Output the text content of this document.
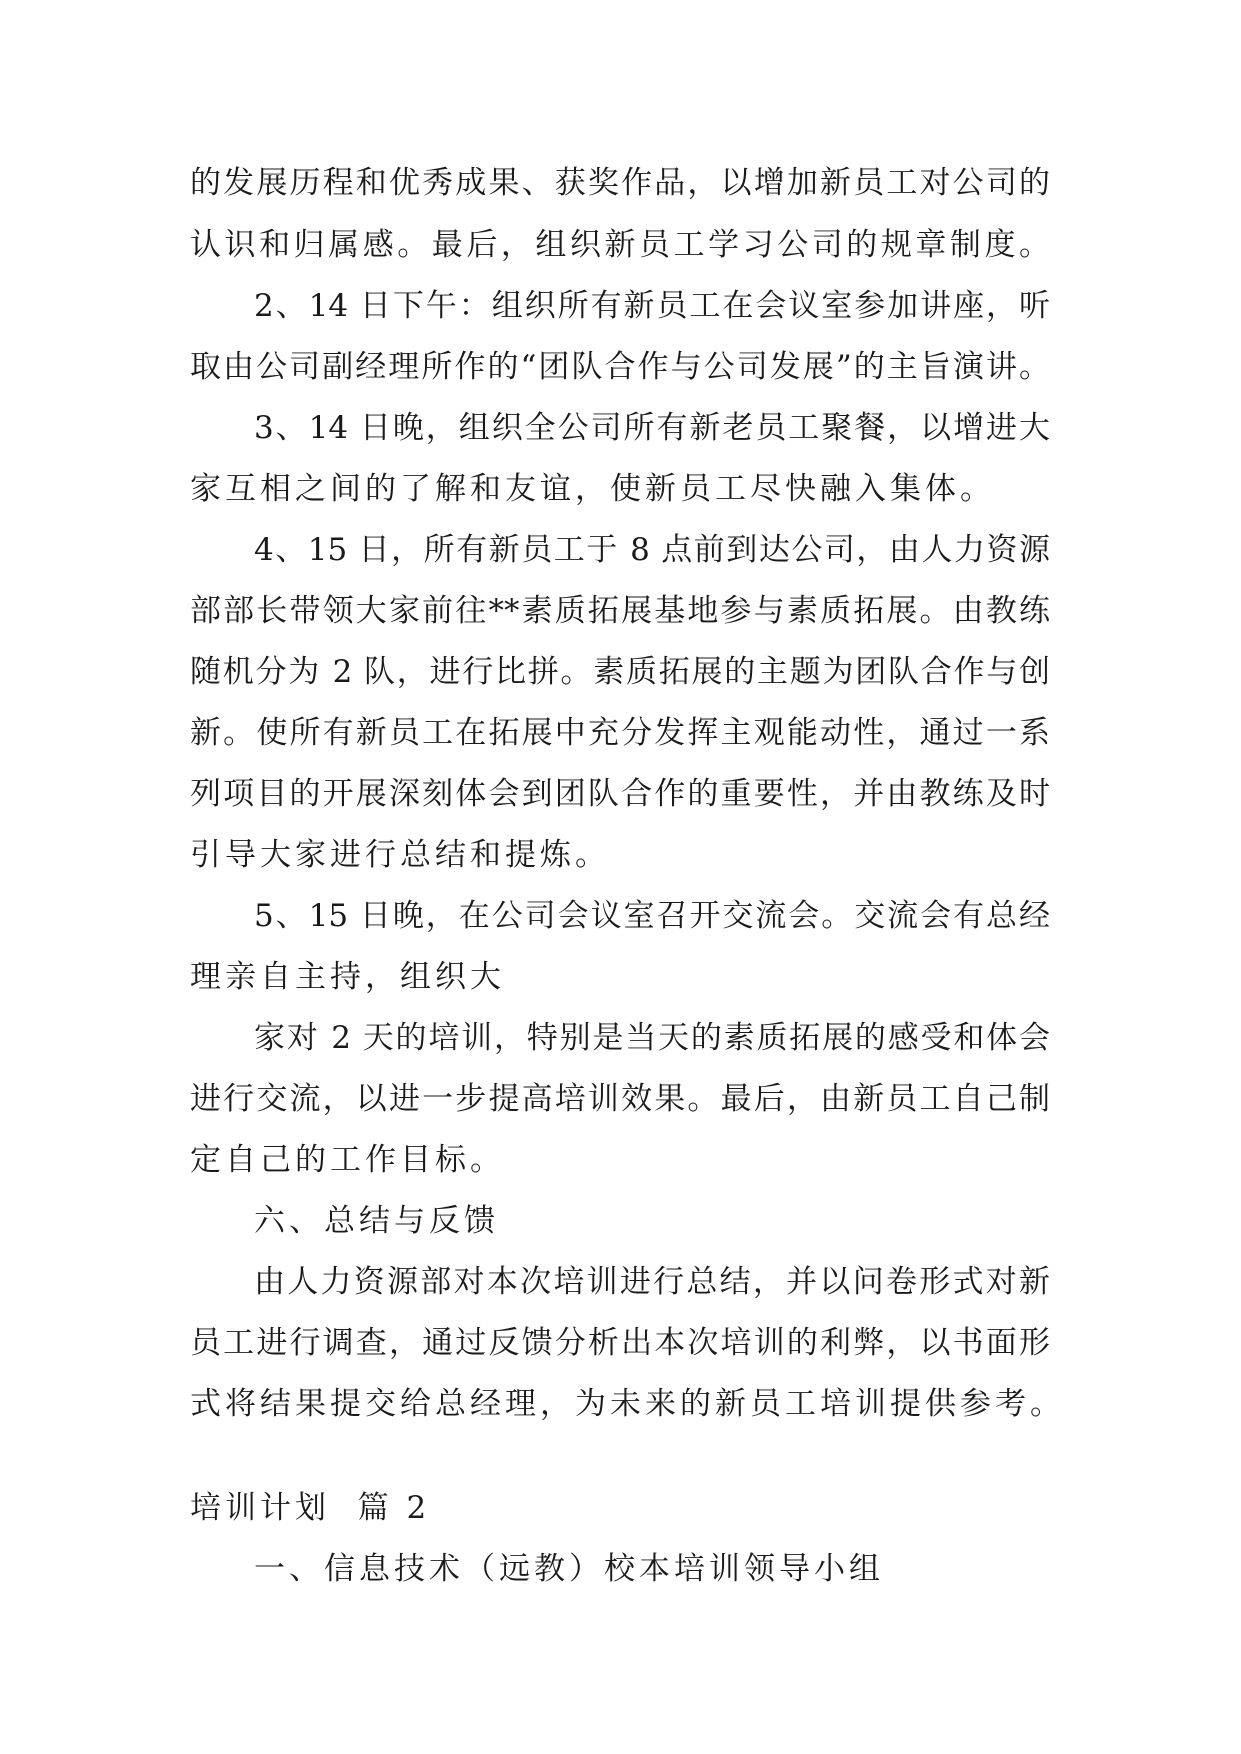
的发展历程和优秀成果、获奖作品，以增加新员工对公司的

认识和归属感。最后，组织新员工学习公司的规章制度。

2、14 日下午：组织所有新员工在会议室参加讲座，听

取由公司副经理所作的“团队合作与公司发展”的主旨演讲。

3、14 日晚，组织全公司所有新老员工聚餐，以增进大

家互相之间的了解和友谊，使新员工尽快融入集体。

4、15 日，所有新员工于 8 点前到达公司，由人力资源

部部长带领大家前往**素质拓展基地参与素质拓展。由教练

随机分为 2 队，进行比拼。素质拓展的主题为团队合作与创

新。使所有新员工在拓展中充分发挥主观能动性，通过一系

列项目的开展深刻体会到团队合作的重要性，并由教练及时

引导大家进行总结和提炼。

5、15 日晚，在公司会议室召开交流会。交流会有总经

理亲自主持，组织大

家对 2 天的培训，特别是当天的素质拓展的感受和体会

进行交流，以进一步提高培训效果。最后，由新员工自己制

定自己的工作目标。

六、总结与反馈

由人力资源部对本次培训进行总结，并以问卷形式对新

员工进行调查，通过反馈分析出本次培训的利弊，以书面形

式将结果提交给总经理，为未来的新员工培训提供参考。

培训计划  篇 2

一、信息技术（远教）校本培训领导小组
